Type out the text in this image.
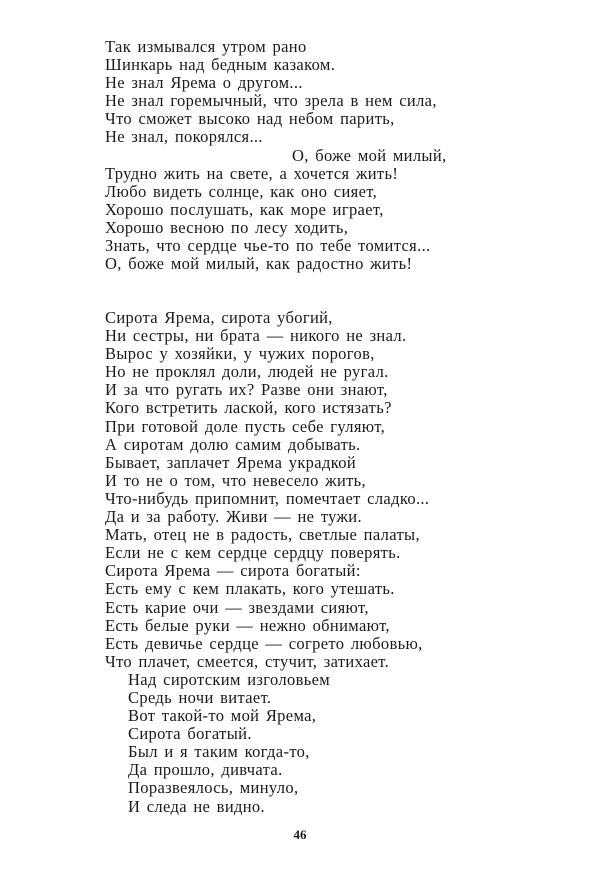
Так измывался утром рано
Шинкарь над бедным казаком.
Не знал Ярема о другом...
Не знал горемычный, что зрела в нем сила,
Что сможет высоко над небом парить,
Не знал, покорялся...
О, боже мой милый,
Трудно жить на свете, а хочется жить!
Любо видеть солнце, как оно сияет,
Хорошо послушать, как море играет,
Хорошо весною по лесу ходить,
Знать, что сердце чье-то по тебе томится...
О, боже мой милый, как радостно жить!
Сирота Ярема, сирота убогий,
Ни сестры, ни брата — никого не знал.
Вырос у хозяйки, у чужих порогов,
Но не проклял доли, людей не ругал.
И за что ругать их? Разве они знают,
Кого встретить лаской, кого истязать?
При готовой доле пусть себе гуляют,
А сиротам долю самим добывать.
Бывает, заплачет Ярема украдкой
И то не о том, что невесело жить,
Что-нибудь припомнит, помечтает сладко...
Да и за работу. Живи — не тужи.
Мать, отец не в радость, светлые палаты,
Если не с кем сердце сердцу поверять.
Сирота Ярема — сирота богатый:
Есть ему с кем плакать, кого утешать.
Есть карие очи — звездами сияют,
Есть белые руки — нежно обнимают,
Есть девичье сердце — согрето любовью,
Что плачет, смеется, стучит, затихает.
Над сиротским изголовьем
Средь ночи витает.
Вот такой-то мой Ярема,
Сирота богатый.
Был и я таким когда-то,
Да прошло, дивчата.
Поразвеялось, минуло,
И следа не видно.
46
